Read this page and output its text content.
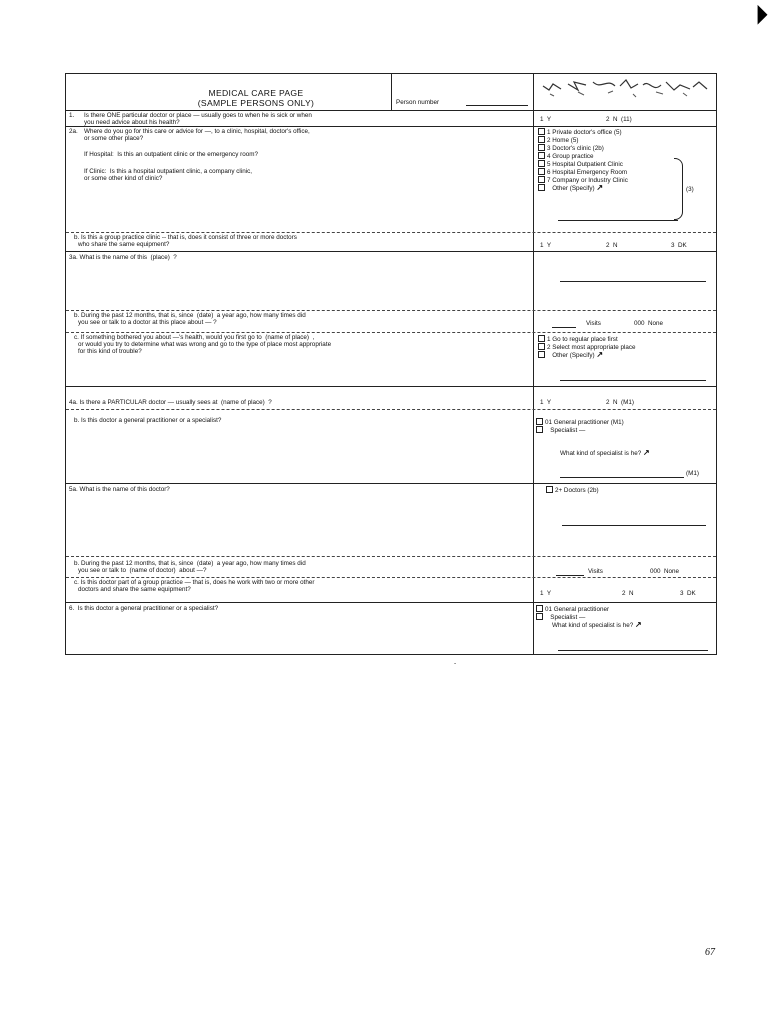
MEDICAL CARE PAGE
(SAMPLE PERSONS ONLY)	Person number
1. Is there ONE particular doctor or place — usually goes to when he is sick or when
you need advice about his health?	1  Y	2  N  (11)
2a. Where do you go for this care or advice for —, to a clinic, hospital, doctor's office,
or some other place?
If Hospital:  Is this an outpatient clinic or the emergency room?
If Clinic:  Is this a hospital outpatient clinic, a company clinic,
or some other kind of clinic?
1 Private doctor's office (5)
2 Home (5)
3 Doctor's clinic (2b)
4 Group practice
5 Hospital Outpatient Clinic
6 Hospital Emergency Room
7 Company or Industry Clinic
Other (Specify) ↗	(3)
b. Is this a group practice clinic -- that is, does it consist of three or more doctors
who share the same equipment?	1  Y	2  N	3  DK
3a. What is the name of this  (place)  ?
b. During the past 12 months, that is, since  (date)  a year ago, how many times did
you see or talk to a doctor at this place about — ?	Visits	000  None
c. If something bothered you about —'s health, would you first go to  (name of place)  ,
or would you try to determine what was wrong and go to the type of place most appropriate
for this kind of trouble?
1 Go to regular place first
2 Select most appropriate place
Other (Specify) ↗
4a. Is there a PARTICULAR doctor — usually sees at  (name of place)  ?	1  Y	2  N  (M1)
b. Is this doctor a general practitioner or a specialist?	01 General practitioner (M1)
Specialist —
What kind of specialist is he? ↗
(M1)
5a. What is the name of this doctor?	2+ Doctors (2b)
b. During the past 12 months, that is, since  (date)  a year ago, how many times did
you see or talk to  (name of doctor)  about —?	Visits	000  None
c. Is this doctor part of a group practice — that is, does he work with two or more other
doctors and share the same equipment?
1  Y	2  N	3  DK
6.  Is this doctor a general practitioner or a specialist?	01 General practitioner
Specialist —
What kind of specialist is he? ↗
-
67
